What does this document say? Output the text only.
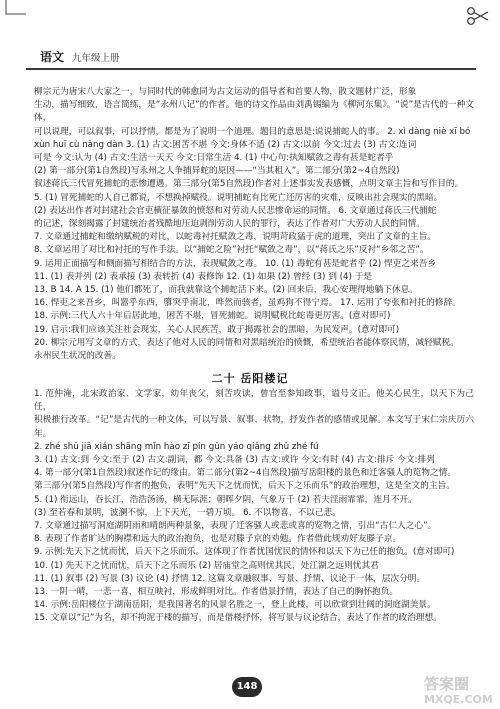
语文 九年级上册

柳宗元为唐宋八大家之一，与同时代的韩愈同为古文运动的倡导者和首要人物，散文题材广泛，形象

生动，描写细致，语言简练，是“永州八记”的作者。他的诗文作品由刘禹锡编为《柳河东集》。“说”是古代的一种文体，

可以说理，可以叙事，可以抒情，都是为了说明一个道理。题目的意思是:说说捕蛇人的事。 2. xì dàng niè xī bó

xùn huī cù nàng dàn 3. (1) 古文:困苦不堪 今文:身体不适 (2) 古文:以前 今文:过去 (3) 古文:连词

可是 今文:认为 (4) 古文:生活一天天 今文:日常生活 4. (1) 中心句:执知赋敛之毒有甚是蛇者乎

(2) 第一部分(第1自然段)写永州之人争捕异蛇的原因——“当其租入”。第二部分(第2~4自然段)

叙述蒋氏三代冒死捕蛇的悲惨遭遇。第三部分(第5自然段)作者对上述事实发表感慨，点明文章主旨和写作目的。

5. (1) 冒死捕蛇的人自己都说，不想换掉赋役。说明捕蛇有比死亡还厉害的灾难，反映出社会现实的黑暗。

(2) 表达出作者对封建社会官吏横征暴敛的愤怒和对劳动人民悲惨命运的同情。 6. 文章通过蒋氏三代捕蛇

的记述，深刻揭露了封建统治者残酷地压迫剥削劳动人民的罪行，表达了作者对广大劳动人民的同情。

7. 文章通过捕蛇和缴纳赋税的对比，以蛇毒衬托赋敛之毒，说明苛政猛于虎的道理，突出了文章的主旨。

8. 文章运用了对比和衬托的写作手法。以“捕蛇之险”衬托“赋敛之毒”，以“蒋氏之乐”反衬“乡邻之苦”。

9. 运用正面描写和侧面描写相结合的方法，表现赋敛之毒。 10. (1) 毒蛇有甚是蛇者乎 (2) 悍吏之来吾乡

11. (1) 表并列 (2) 表承接 (3) 表转折 (4) 表修饰 12. (1) 如果 (2) 曾经 (3) 到 (4) 于是

13. B 14. A 15. (1) 他们都死了，而我就靠这个捕蛇活下来。(2) 回来后，我心安理得地躺下休息。

16. 悍吏之来吾乡，叫嚣乎东西，隳突乎南北，哗然而骇者，虽鸡狗不得宁焉。 17. 运用了夸张和衬托的修辞。

18. 示例:三代人六十年后居此地，困苦不堪，冒死捕蛇。说明赋税比蛇毒更厉害。(意对即可)

19. 启示:我们应该关注社会现实，关心人民疾苦，敢于揭露社会的黑暗，为民发声。(意对即可)

20. 柳宗元用写文章的方式，表达了他对人民的同情和对黑暗统治的愤慨，希望统治者能体察民情，减轻赋税。

永州民生状况的改善。

二十 岳阳楼记

1. 范仲淹，北宋政治家、文学家，幼年丧父，刻苦攻读，曾官至参知政事，谥号文正。他关心民生，以天下为己任，

积极推行改革。“记”是古代的一种文体，可以写景、叙事、状物，抒发作者的感情或见解。本文写于宋仁宗庆历六年。

2. zhé shǔ jiā xián shāng mǐn hào zī pín gǔn yáo qiǎng zhǔ zhé fú

3. (1) 古文:到 今文:至于 (2) 古文:副词，都 今文:具备 (3) 古文:或许 今文:有时 (4) 古文:排斥 今文:排列

4. 第一部分(第1自然段)叙述作记的缘由。第二部分(第2~4自然段)描写岳阳楼的景色和迁客骚人的览物之情。

第三部分(第5自然段)写作者的抱负，表明“先天下之忧而忧，后天下之乐而乐”的政治理想，这是全文的主旨。

5. (1) 衔远山，吞长江，浩浩汤汤，横无际涯；朝晖夕阴，气象万千 (2) 若夫淫雨霏霏，连月不开。

(3) 至若春和景明，波澜不惊，上下天光，一碧万顷。 6. 不以物喜，不以己悲。

7. 文章通过描写洞庭湖阴雨和晴朗两种景象，表现了迁客骚人或悲或喜的览物之情，引出“古仁人之心”。

8. 表现了作者旷达的胸襟和远大的政治抱负，也是对滕子京的劝勉。作者借此规劝好友滕子京。

9. 示例:先天下之忧而忧，后天下之乐而乐。这体现了作者忧国忧民的情怀和以天下为己任的抱负。(意对即可)

10. (1) 先天下之忧而忧，后天下之乐而乐 (2) 居庙堂之高则忧其民，处江湖之远则忧其君

11. (1) 叙事 (2) 写景 (3) 议论 (4) 抒情 12. 这篇文章融叙事、写景、抒情、议论于一体，层次分明。

13. 一阴一晴，一悲一喜，相互映衬，形成鲜明对比。作者借景抒情，表达了自己的胸怀抱负。

14. 示例:岳阳楼位于湖南岳阳，是我国著名的风景名胜之一，登上此楼，可以欣赏到壮阔的洞庭湖美景。

15. 文章以“记”为名，却不拘泥于楼的描写，而是借楼抒怀，将写景与议论结合，表达了作者的政治理想。

148	答案圈
MXQE.COM
